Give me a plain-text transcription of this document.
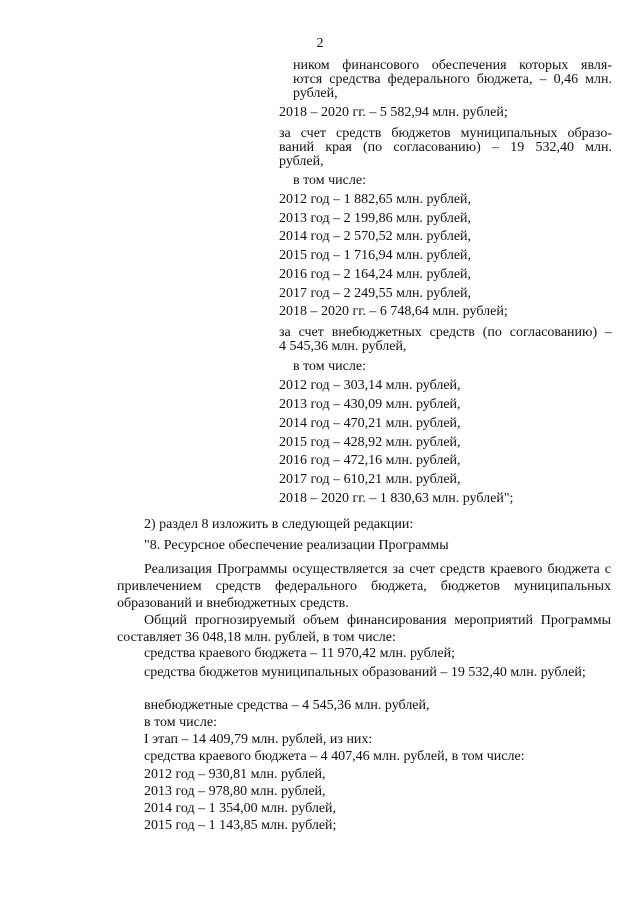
2
ником финансового обеспечения которых явля-
ются средства федерального бюджета, – 0,46 млн.
рублей,
2018 – 2020 гг. – 5 582,94 млн. рублей;
за счет средств бюджетов муниципальных образо-
ваний края (по согласованию) – 19 532,40 млн.
рублей,
в том числе:
2012 год – 1 882,65 млн. рублей,
2013 год – 2 199,86 млн. рублей,
2014 год – 2 570,52 млн. рублей,
2015 год – 1 716,94 млн. рублей,
2016 год – 2 164,24 млн. рублей,
2017 год – 2 249,55 млн. рублей,
2018 – 2020 гг. – 6 748,64 млн. рублей;
за счет внебюджетных средств (по согласованию) –
4 545,36 млн. рублей,
в том числе:
2012 год – 303,14 млн. рублей,
2013 год – 430,09 млн. рублей,
2014 год – 470,21 млн. рублей,
2015 год – 428,92 млн. рублей,
2016 год – 472,16 млн. рублей,
2017 год – 610,21 млн. рублей,
2018 – 2020 гг. – 1 830,63 млн. рублей";
2) раздел 8 изложить в следующей редакции:
"8. Ресурсное обеспечение реализации Программы
Реализация Программы осуществляется за счет средств краевого бюджета с привлечением средств федерального бюджета, бюджетов муниципальных образований и внебюджетных средств.
Общий прогнозируемый объем финансирования мероприятий Программы составляет 36 048,18 млн. рублей, в том числе:
средства краевого бюджета – 11 970,42 млн. рублей;
средства бюджетов муниципальных образований – 19 532,40 млн. рублей;
внебюджетные средства – 4 545,36 млн. рублей,
в том числе:
I этап – 14 409,79 млн. рублей, из них:
средства краевого бюджета – 4 407,46 млн. рублей, в том числе:
2012 год – 930,81 млн. рублей,
2013 год – 978,80 млн. рублей,
2014 год – 1 354,00 млн. рублей,
2015 год – 1 143,85 млн. рублей;
